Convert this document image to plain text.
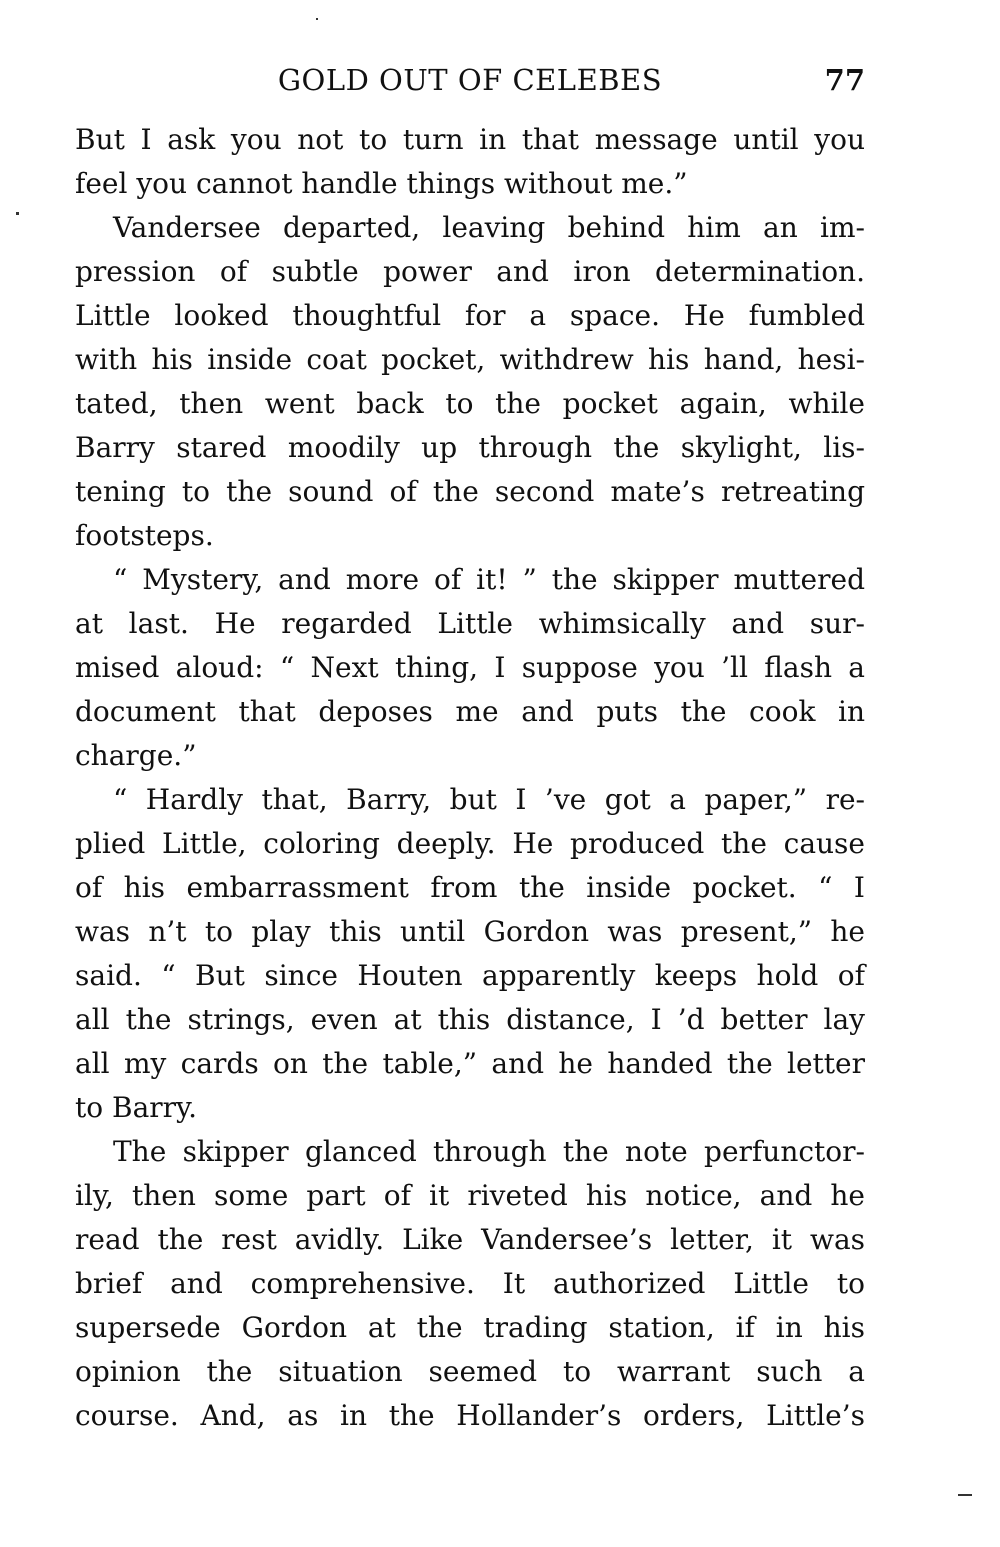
GOLD OUT OF CELEBES	77
But I ask you not to turn in that message until you
feel you cannot handle things without me.”
Vandersee departed, leaving behind him an im-
pression of subtle power and iron determination.
Little looked thoughtful for a space. He fumbled
with his inside coat pocket, withdrew his hand, hesi-
tated, then went back to the pocket again, while
Barry stared moodily up through the skylight, lis-
tening to the sound of the second mate’s retreating
footsteps.
“ Mystery, and more of it! ” the skipper muttered
at last. He regarded Little whimsically and sur-
mised aloud: “ Next thing, I suppose you ’ll flash a
document that deposes me and puts the cook in
charge.”
“ Hardly that, Barry, but I ’ve got a paper,” re-
plied Little, coloring deeply. He produced the cause
of his embarrassment from the inside pocket. “ I
was n’t to play this until Gordon was present,” he
said. “ But since Houten apparently keeps hold of
all the strings, even at this distance, I ’d better lay
all my cards on the table,” and he handed the letter
to Barry.
The skipper glanced through the note perfunctor-
ily, then some part of it riveted his notice, and he
read the rest avidly. Like Vandersee’s letter, it was
brief and comprehensive. It authorized Little to
supersede Gordon at the trading station, if in his
opinion the situation seemed to warrant such a
course. And, as in the Hollander’s orders, Little’s
